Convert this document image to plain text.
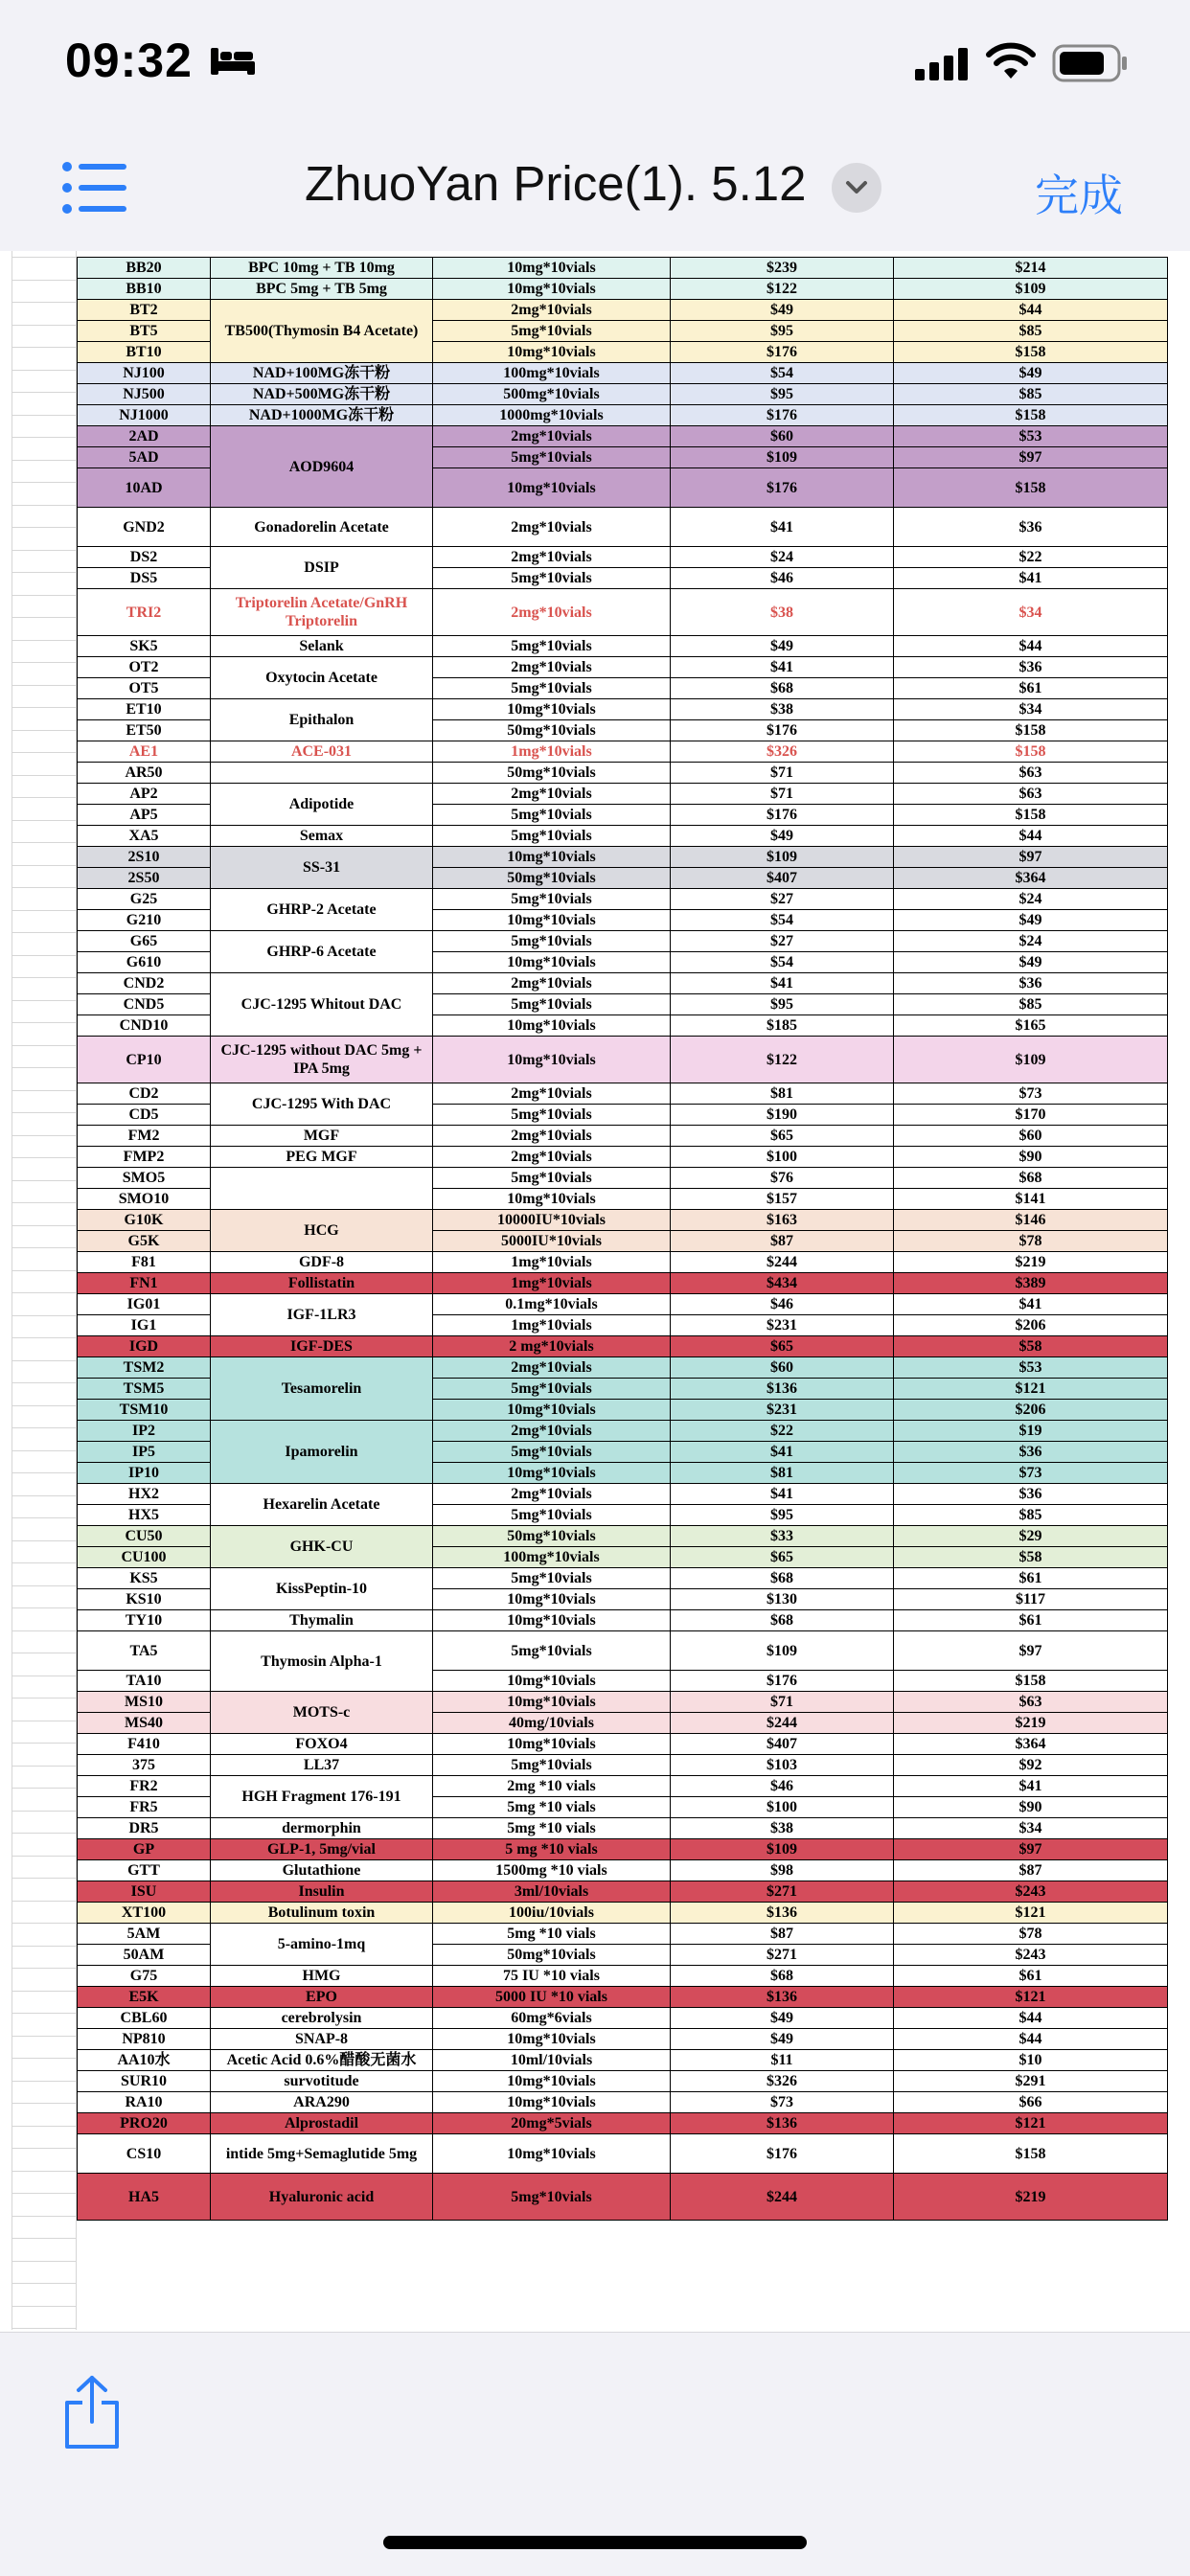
09:32
ZhuoYan Price(1). 5.12	完成
BB20	BPC 10mg + TB 10mg	10mg*10vials	$239	$214
BB10	BPC 5mg + TB 5mg	10mg*10vials	$122	$109
BT2	TB500(Thymosin B4 Acetate)	2mg*10vials	$49	$44
BT5		5mg*10vials	$95	$85
BT10		10mg*10vials	$176	$158
NJ100	NAD+100MG冻干粉	100mg*10vials	$54	$49
NJ500	NAD+500MG冻干粉	500mg*10vials	$95	$85
NJ1000	NAD+1000MG冻干粉	1000mg*10vials	$176	$158
2AD	AOD9604	2mg*10vials	$60	$53
5AD		5mg*10vials	$109	$97
10AD		10mg*10vials	$176	$158
GND2	Gonadorelin Acetate	2mg*10vials	$41	$36
DS2	DSIP	2mg*10vials	$24	$22
DS5		5mg*10vials	$46	$41
TRI2	Triptorelin Acetate/GnRH Triptorelin	2mg*10vials	$38	$34
SK5	Selank	5mg*10vials	$49	$44
OT2	Oxytocin Acetate	2mg*10vials	$41	$36
OT5		5mg*10vials	$68	$61
ET10	Epithalon	10mg*10vials	$38	$34
ET50		50mg*10vials	$176	$158
AE1	ACE-031	1mg*10vials	$326	$158
AR50		50mg*10vials	$71	$63
AP2	Adipotide	2mg*10vials	$71	$63
AP5		5mg*10vials	$176	$158
XA5	Semax	5mg*10vials	$49	$44
2S10	SS-31	10mg*10vials	$109	$97
2S50		50mg*10vials	$407	$364
G25	GHRP-2 Acetate	5mg*10vials	$27	$24
G210		10mg*10vials	$54	$49
G65	GHRP-6 Acetate	5mg*10vials	$27	$24
G610		10mg*10vials	$54	$49
CND2	CJC-1295 Whitout DAC	2mg*10vials	$41	$36
CND5		5mg*10vials	$95	$85
CND10		10mg*10vials	$185	$165
CP10	CJC-1295 without DAC 5mg + IPA 5mg	10mg*10vials	$122	$109
CD2	CJC-1295 With DAC	2mg*10vials	$81	$73
CD5		5mg*10vials	$190	$170
FM2	MGF	2mg*10vials	$65	$60
FMP2	PEG MGF	2mg*10vials	$100	$90
SMO5		5mg*10vials	$76	$68
SMO10		10mg*10vials	$157	$141
G10K	HCG	10000IU*10vials	$163	$146
G5K		5000IU*10vials	$87	$78
F81	GDF-8	1mg*10vials	$244	$219
FN1	Follistatin	1mg*10vials	$434	$389
IG01	IGF-1LR3	0.1mg*10vials	$46	$41
IG1		1mg*10vials	$231	$206
IGD	IGF-DES	2 mg*10vials	$65	$58
TSM2	Tesamorelin	2mg*10vials	$60	$53
TSM5		5mg*10vials	$136	$121
TSM10		10mg*10vials	$231	$206
IP2	Ipamorelin	2mg*10vials	$22	$19
IP5		5mg*10vials	$41	$36
IP10		10mg*10vials	$81	$73
HX2	Hexarelin Acetate	2mg*10vials	$41	$36
HX5		5mg*10vials	$95	$85
CU50	GHK-CU	50mg*10vials	$33	$29
CU100		100mg*10vials	$65	$58
KS5	KissPeptin-10	5mg*10vials	$68	$61
KS10		10mg*10vials	$130	$117
TY10	Thymalin	10mg*10vials	$68	$61
TA5	Thymosin Alpha-1	5mg*10vials	$109	$97
TA10		10mg*10vials	$176	$158
MS10	MOTS-c	10mg*10vials	$71	$63
MS40		40mg/10vials	$244	$219
F410	FOXO4	10mg*10vials	$407	$364
375	LL37	5mg*10vials	$103	$92
FR2	HGH Fragment 176-191	2mg *10 vials	$46	$41
FR5		5mg *10 vials	$100	$90
DR5	dermorphin	5mg *10 vials	$38	$34
GP	GLP-1, 5mg/vial	5 mg *10 vials	$109	$97
GTT	Glutathione	1500mg *10 vials	$98	$87
ISU	Insulin	3ml/10vials	$271	$243
XT100	Botulinum toxin	100iu/10vials	$136	$121
5AM	5-amino-1mq	5mg *10 vials	$87	$78
50AM		50mg*10vials	$271	$243
G75	HMG	75 IU *10 vials	$68	$61
E5K	EPO	5000 IU *10 vials	$136	$121
CBL60	cerebrolysin	60mg*6vials	$49	$44
NP810	SNAP-8	10mg*10vials	$49	$44
AA10水	Acetic Acid 0.6%醋酸无菌水	10ml/10vials	$11	$10
SUR10	survotitude	10mg*10vials	$326	$291
RA10	ARA290	10mg*10vials	$73	$66
PRO20	Alprostadil	20mg*5vials	$136	$121
CS10	intide 5mg+Semaglutide 5mg	10mg*10vials	$176	$158
HA5	Hyaluronic acid	5mg*10vials	$244	$219
